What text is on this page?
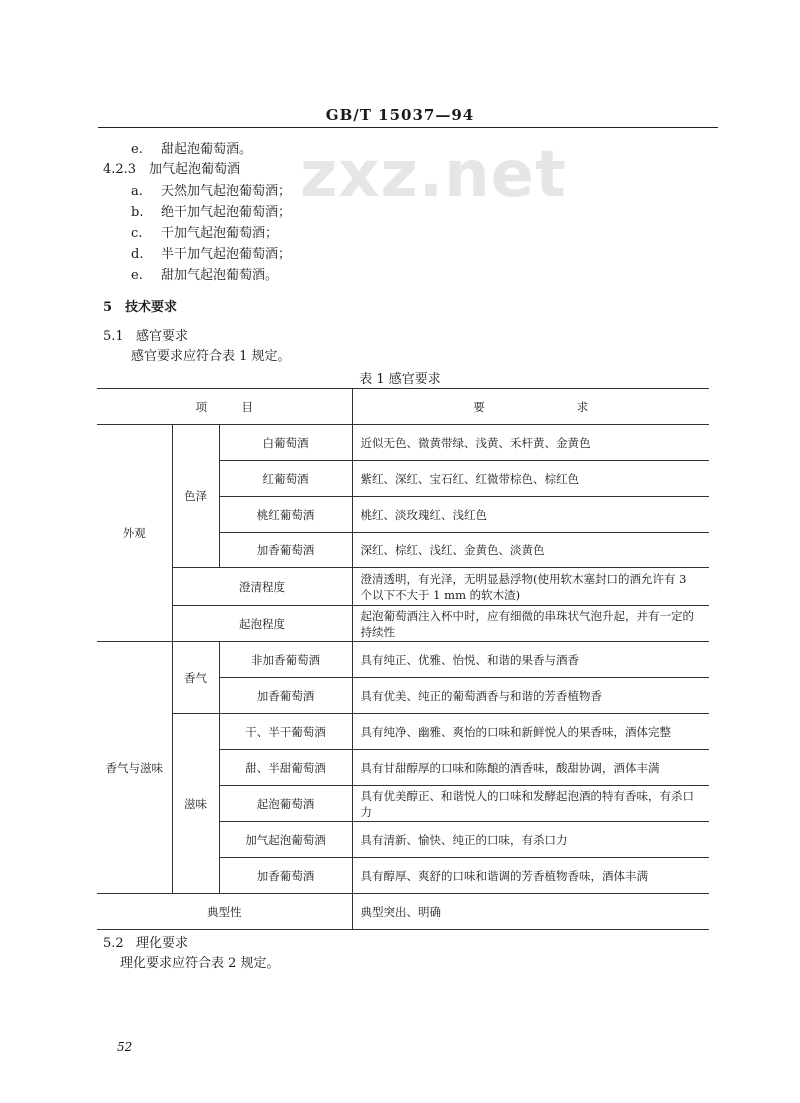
GB/T 15037—94
zxz.net
e. 甜起泡葡萄酒。
4.2.3 加气起泡葡萄酒
a. 天然加气起泡葡萄酒；
b. 绝干加气起泡葡萄酒；
c. 干加气起泡葡萄酒；
d. 半干加气起泡葡萄酒；
e. 甜加气起泡葡萄酒。
5 技术要求
5.1 感官要求
感官要求应符合表 1 规定。
表 1 感官要求
项　　　目			要　　　　　　　　求
外观	色泽	白葡萄酒	近似无色、微黄带绿、浅黄、禾杆黄、金黄色
		红葡萄酒	紫红、深红、宝石红、红微带棕色、棕红色
		桃红葡萄酒	桃红、淡玫瑰红、浅红色
		加香葡萄酒	深红、棕红、浅红、金黄色、淡黄色
	澄清程度		澄清透明，有光泽，无明显悬浮物(使用软木塞封口的酒允许有 3 个以下不大于 1 mm 的软木渣)
	起泡程度		起泡葡萄酒注入杯中时，应有细微的串珠状气泡升起，并有一定的持续性
香气与滋味	香气	非加香葡萄酒	具有纯正、优雅、怡悦、和谐的果香与酒香
		加香葡萄酒	具有优美、纯正的葡萄酒香与和谐的芳香植物香
	滋味	干、半干葡萄酒	具有纯净、幽雅、爽怡的口味和新鲜悦人的果香味，酒体完整
		甜、半甜葡萄酒	具有甘甜醇厚的口味和陈酿的酒香味，酸甜协调，酒体丰满
		起泡葡萄酒	具有优美醇正、和谐悦人的口味和发酵起泡酒的特有香味，有杀口力
		加气起泡葡萄酒	具有清新、愉快、纯正的口味，有杀口力
		加香葡萄酒	具有醇厚、爽舒的口味和谐调的芳香植物香味，酒体丰满
典型性			典型突出、明确
5.2 理化要求
理化要求应符合表 2 规定。
52
